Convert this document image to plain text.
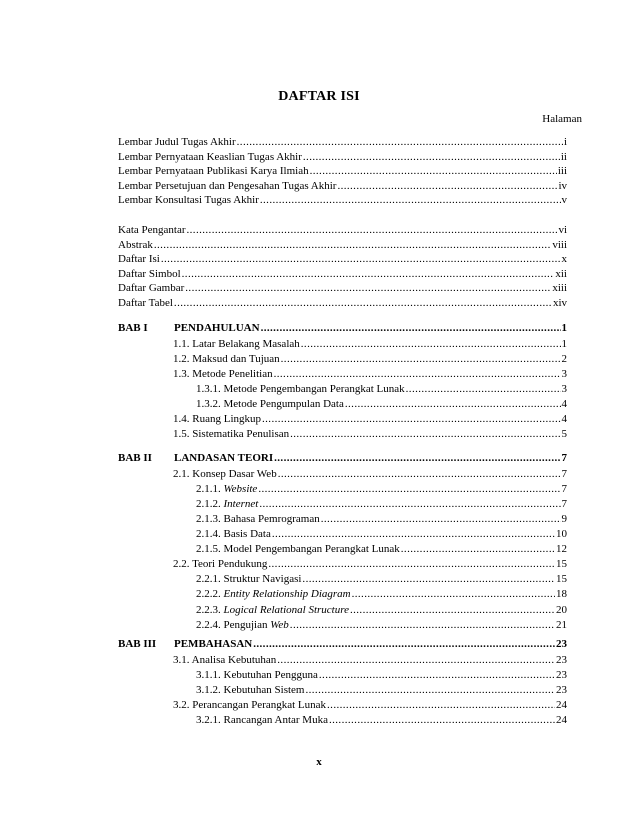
DAFTAR ISI
Halaman
Lembar Judul Tugas Akhir .....	i
Lembar Pernyataan Keaslian Tugas Akhir .....	ii
Lembar Pernyataan Publikasi Karya Ilmiah .....	iii
Lembar Persetujuan dan Pengesahan Tugas Akhir .....	iv
Lembar Konsultasi Tugas Akhir .....	v
Kata Pengantar .....	vi
Abstrak .....	viii
Daftar Isi .....	x
Daftar Simbol .....	xii
Daftar Gambar .....	xiii
Daftar Tabel .....	xiv
BAB I PENDAHULUAN .....	1
1.1. Latar Belakang Masalah .....	1
1.2. Maksud dan Tujuan .....	2
1.3. Metode Penelitian .....	3
1.3.1. Metode Pengembangan Perangkat Lunak .....	3
1.3.2. Metode Pengumpulan Data .....	4
1.4. Ruang Lingkup .....	4
1.5. Sistematika Penulisan .....	5
BAB II LANDASAN TEORI .....	7
2.1. Konsep Dasar Web .....	7
2.1.1. Website .....	7
2.1.2. Internet .....	7
2.1.3. Bahasa Pemrograman .....	9
2.1.4. Basis Data .....	10
2.1.5. Model Pengembangan Perangkat Lunak .....	12
2.2. Teori Pendukung .....	15
2.2.1. Struktur Navigasi .....	15
2.2.2. Entity Relationship Diagram .....	18
2.2.3. Logical Relational Structure .....	20
2.2.4. Pengujian Web .....	21
BAB III PEMBAHASAN .....	23
3.1. Analisa Kebutuhan .....	23
3.1.1. Kebutuhan Pengguna .....	23
3.1.2. Kebutuhan Sistem .....	23
3.2. Perancangan Perangkat Lunak .....	24
3.2.1. Rancangan Antar Muka .....	24
x
